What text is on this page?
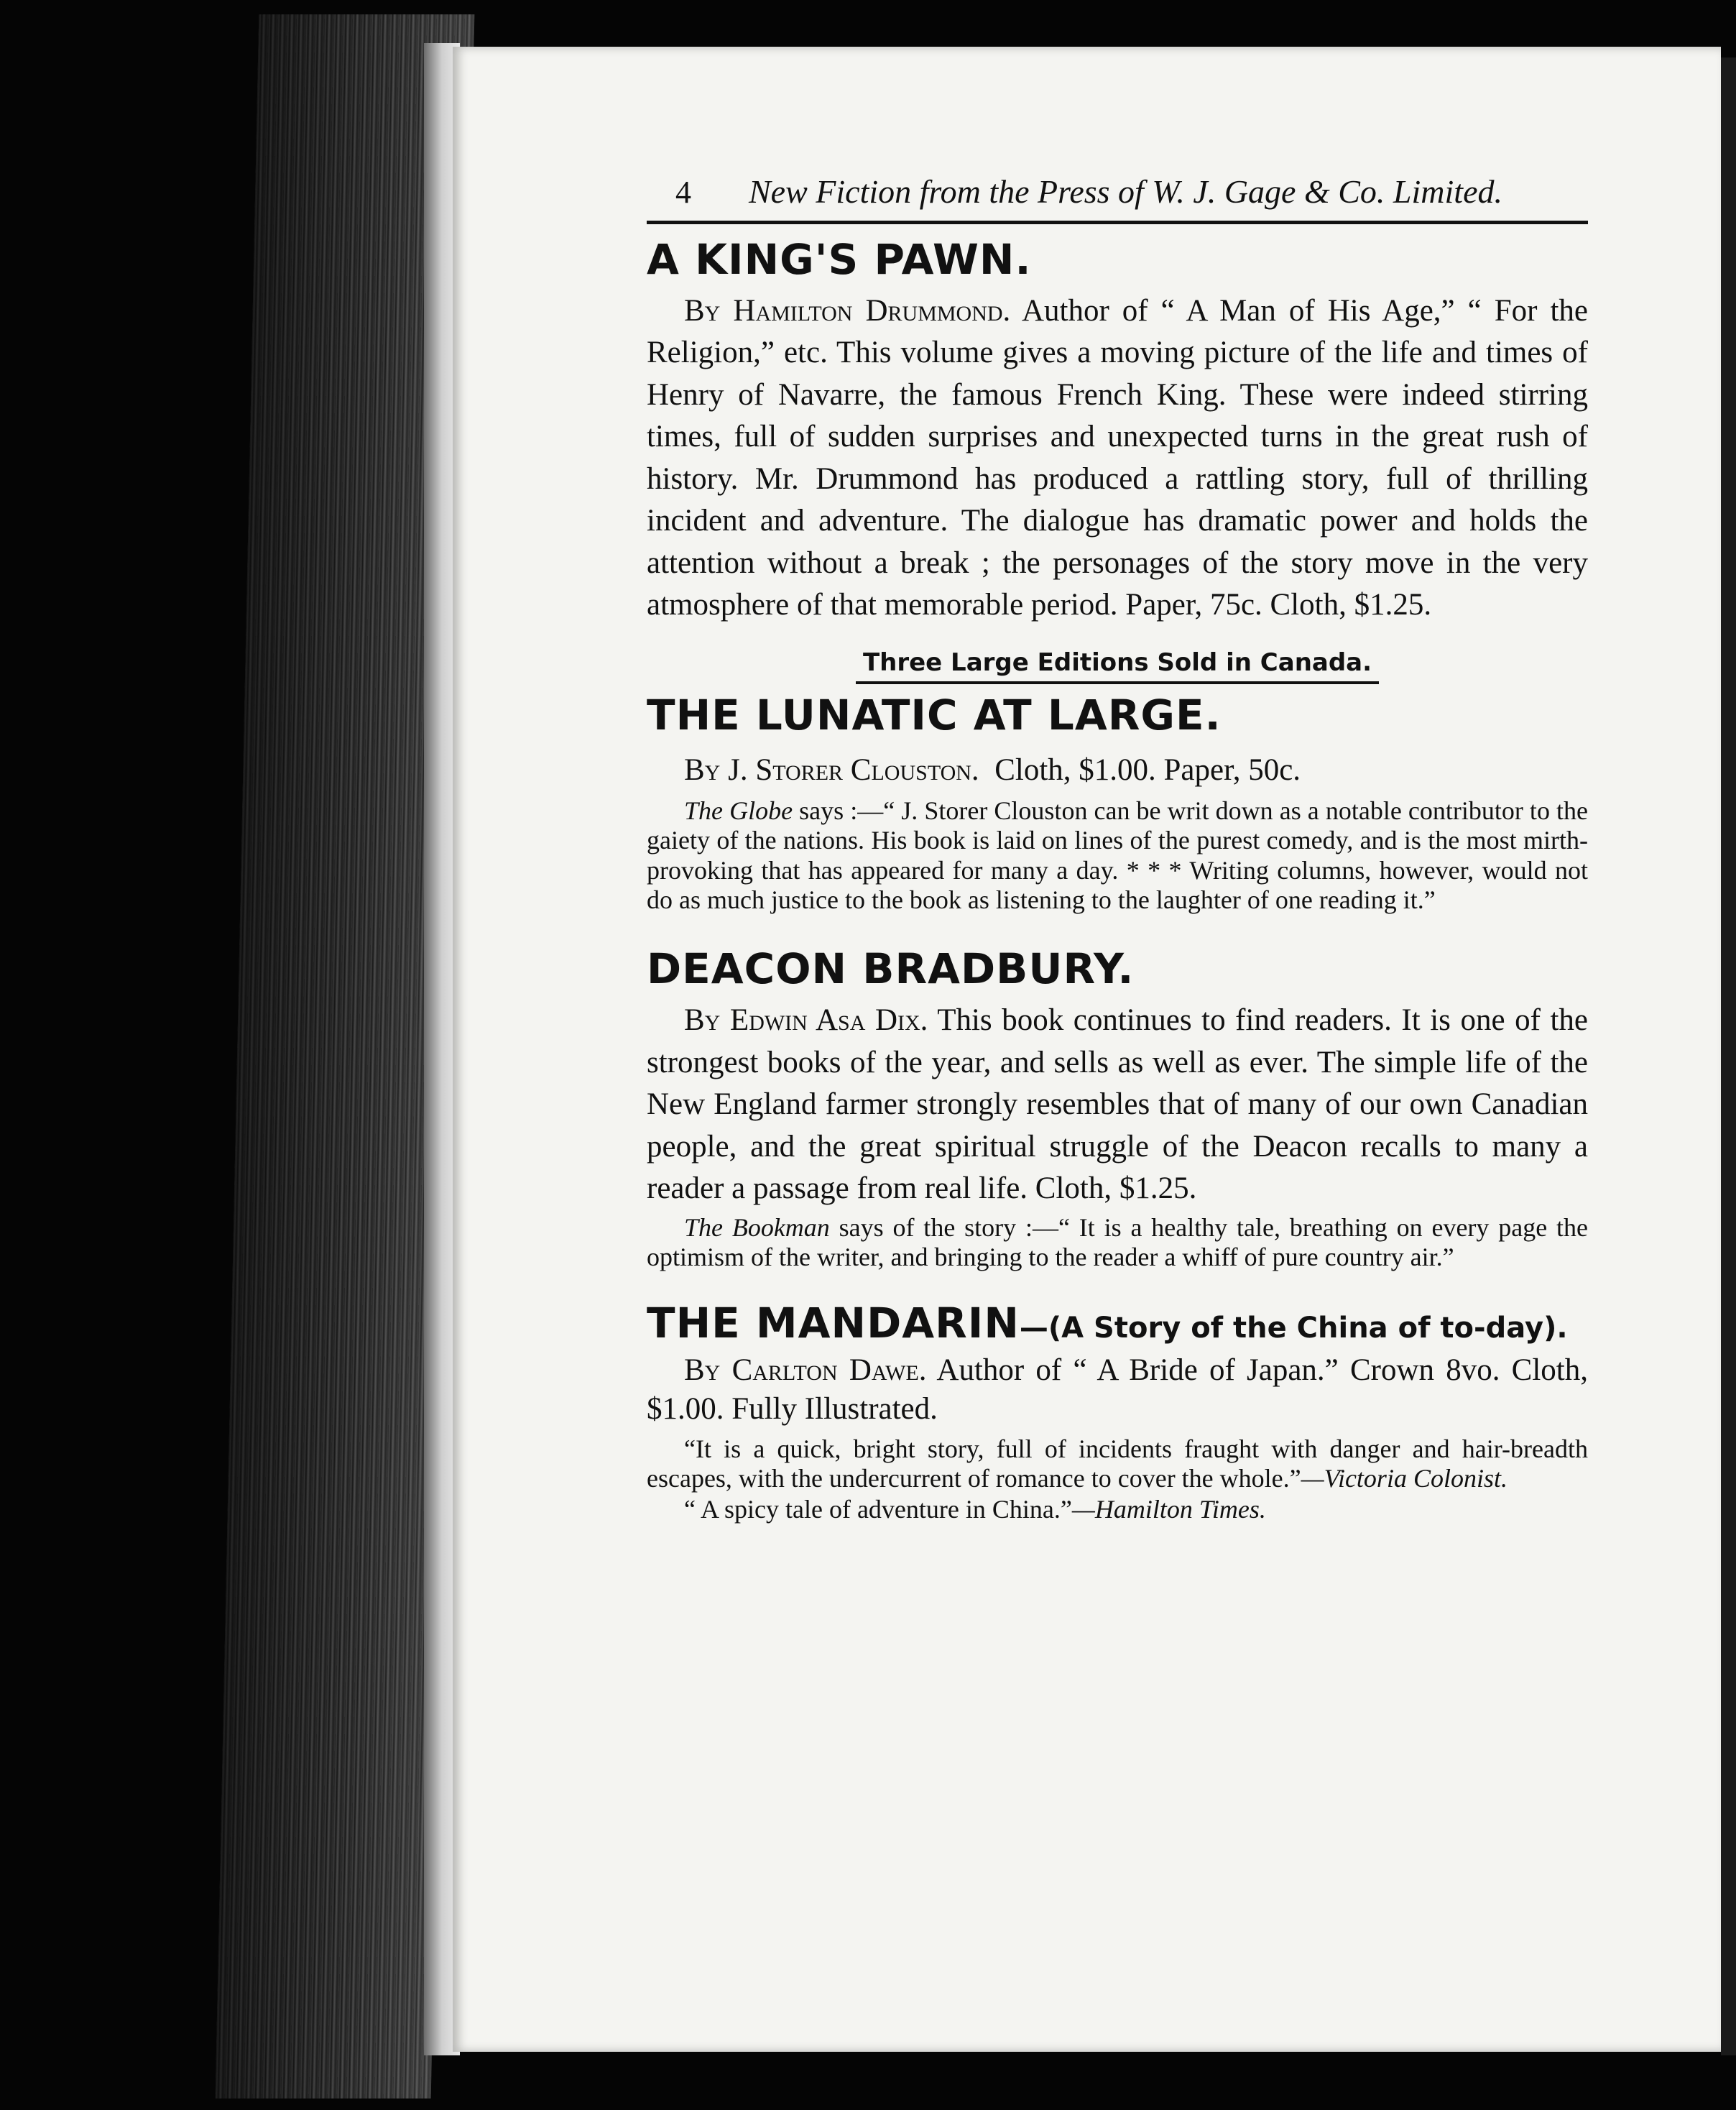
4 New Fiction from the Press of W. J. Gage & Co. Limited.
A KING'S PAWN.

By Hamilton Drummond. Author of “ A Man of His Age,” “ For the Religion,” etc. This volume gives a moving picture of the life and times of Henry of Navarre, the famous French King. These were indeed stirring times, full of sudden surprises and unexpected turns in the great rush of history. Mr. Drummond has produced a rattling story, full of thrilling incident and adventure. The dialogue has dramatic power and holds the attention without a break ; the personages of the story move in the very atmosphere of that memorable period. Paper, 75c. Cloth, $1.25.

Three Large Editions Sold in Canada.

THE LUNATIC AT LARGE.

By J. Storer Clouston. Cloth, $1.00. Paper, 50c.

The Globe says :—“ J. Storer Clouston can be writ down as a notable contributor to the gaiety of the nations. His book is laid on lines of the purest comedy, and is the most mirth-provoking that has appeared for many a day. * * * Writing columns, however, would not do as much justice to the book as listening to the laughter of one reading it.”

DEACON BRADBURY.

By Edwin Asa Dix. This book continues to find readers. It is one of the strongest books of the year, and sells as well as ever. The simple life of the New England farmer strongly resembles that of many of our own Canadian people, and the great spiritual struggle of the Deacon recalls to many a reader a passage from real life. Cloth, $1.25.

The Bookman says of the story :—“ It is a healthy tale, breathing on every page the optimism of the writer, and bringing to the reader a whiff of pure country air.”

THE MANDARIN—(A Story of the China of to-day).

By Carlton Dawe. Author of “ A Bride of Japan.” Crown 8vo. Cloth, $1.00. Fully Illustrated.

“It is a quick, bright story, full of incidents fraught with danger and hair-breadth escapes, with the undercurrent of romance to cover the whole.”—Victoria Colonist.

“ A spicy tale of adventure in China.”—Hamilton Times.
